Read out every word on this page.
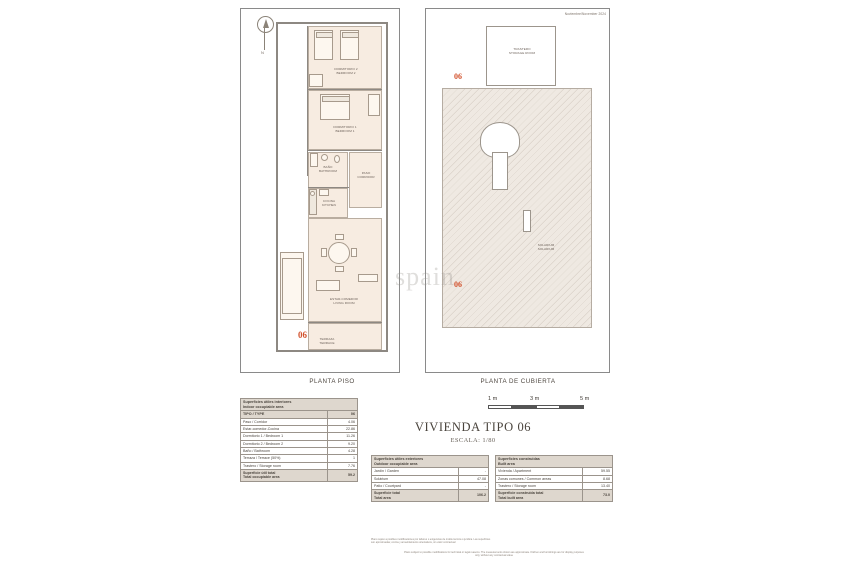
N
DORMITORIO 2
BEDROOM 2
DORMITORIO 1
BEDROOM 1
BAÑO
BATHROOM
PASO
CORRIDOR
COCINA
KITCHEN
ESTAR-COMEDOR
LIVING ROOM
TERRAZA
TERRACE
06
PLANTA PISO
Noviembre/November 2024
TRASTERO
STORAGE ROOM
06
SOLARIUM
SOLARIUM
06
PLANTA DE CUBIERTA
1 m	3 m	5 m
VIVIENDA TIPO 06
ESCALA: 1/80
Superficies útiles interiores
Indoor occupiable area	
TIPO / TYPE	06
Paso / Corridor	4.06
Estar-comedor-Cocina	22.86
Dormitorio 1 / Bedroom 1	11.26
Dormitorio 2 / Bedroom 2	9.20
Baño / Bathroom	4.28
Terraza / Terrace (50%)	1
Trastero / Storage room	7.76
Superficie útil total
Total occupiable area	59.2
Superficies útiles exteriores
Outdoor occupiable area	
Jardín / Garden	-
Solárium	47.08
Patio / Courtyard	-
Superficie total
Total area	106.2
Superficies construidas
Built area	
Vivienda / Apartment	59.55
Zonas comunes / Common areas	8.68
Trastero / Storage room	13.40
Superficie construida total
Total built area	73.0
Plano sujeto a posibles modificaciones por labores o exigencias de índole técnica o jurídica. Las superficies son aproximadas; cocina y amueblamiento orientativos, sin valor contractual
Plans subject to possible modifications for technical or legal reasons. The measurements shown are approximate. Kitchen and furnishings are for display purposes only, without any contractual value
spain
